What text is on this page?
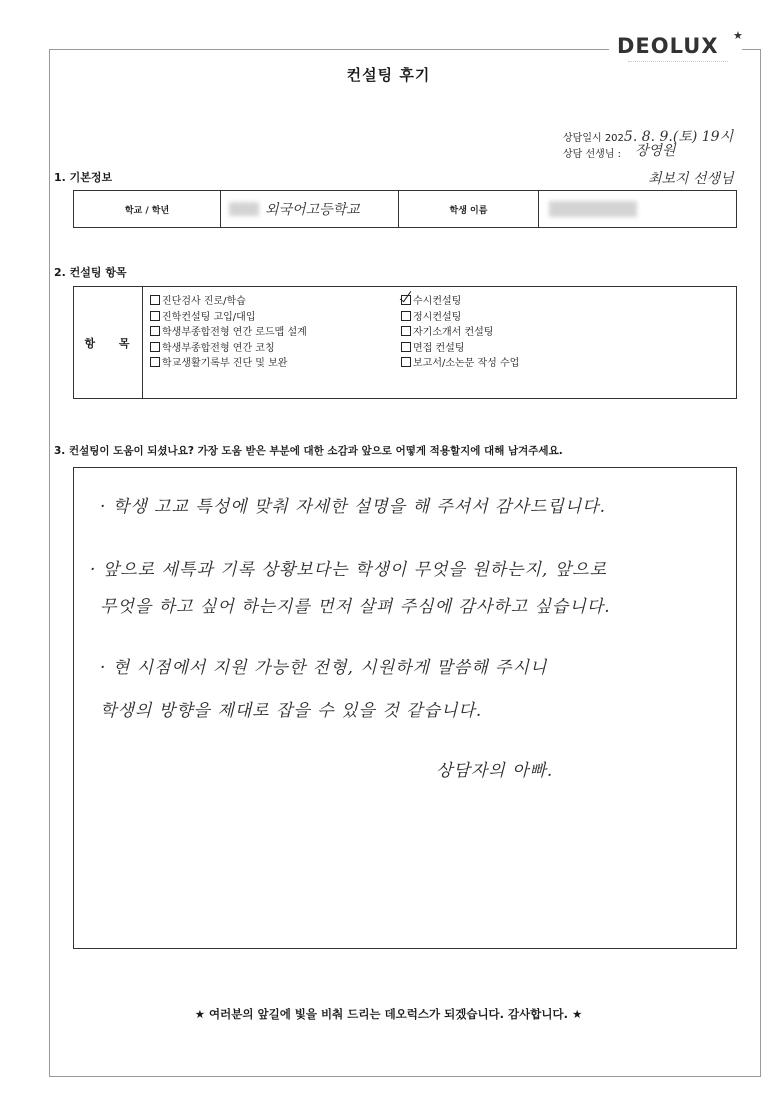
DEOLUX ★
컨설팅 후기
상담일시 2025. 8. 9.(토) 19시
상담 선생님 : 장영원
최보지 선생님
1. 기본정보
학교 / 학년	외국어고등학교	학생 이름
2. 컨설팅 항목
항 목
진단검사 진로/학습
진학컨설팅 고입/대입
학생부종합전형 연간 로드맵 설계
학생부종합전형 연간 코칭
학교생활기록부 진단 및 보완
수시컨설팅
정시컨설팅
자기소개서 컨설팅
면접 컨설팅
보고서/소논문 작성 수업
3. 컨설팅이 도움이 되셨나요? 가장 도움 받은 부분에 대한 소감과 앞으로 어떻게 적용할지에 대해 남겨주세요.
· 학생 고교 특성에 맞춰 자세한 설명을 해 주셔서 감사드립니다.
· 앞으로 세특과 기록 상황보다는 학생이 무엇을 원하는지, 앞으로
무엇을 하고 싶어 하는지를 먼저 살펴 주심에 감사하고 싶습니다.
· 현 시점에서 지원 가능한 전형, 시원하게 말씀해 주시니
학생의 방향을 제대로 잡을 수 있을 것 같습니다.
상담자의 아빠.
★ 여러분의 앞길에 빛을 비춰 드리는 데오럭스가 되겠습니다. 감사합니다. ★
